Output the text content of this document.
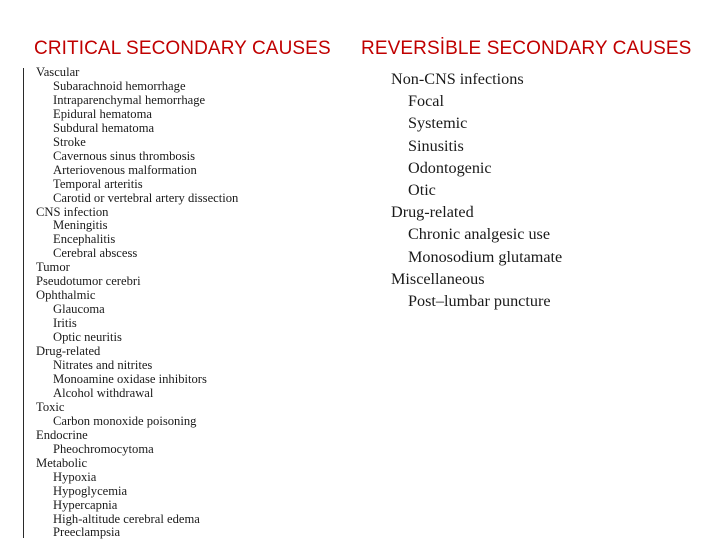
CRITICAL SECONDARY CAUSES REVERSİBLE SECONDARY CAUSES
Vascular
Subarachnoid hemorrhage
Intraparenchymal hemorrhage
Epidural hematoma
Subdural hematoma
Stroke
Cavernous sinus thrombosis
Arteriovenous malformation
Temporal arteritis
Carotid or vertebral artery dissection
CNS infection
Meningitis
Encephalitis
Cerebral abscess
Tumor
Pseudotumor cerebri
Ophthalmic
Glaucoma
Iritis
Optic neuritis
Drug-related
Nitrates and nitrites
Monoamine oxidase inhibitors
Alcohol withdrawal
Toxic
Carbon monoxide poisoning
Endocrine
Pheochromocytoma
Metabolic
Hypoxia
Hypoglycemia
Hypercapnia
High-altitude cerebral edema
Preeclampsia
Non-CNS infections
Focal
Systemic
Sinusitis
Odontogenic
Otic
Drug-related
Chronic analgesic use
Monosodium glutamate
Miscellaneous
Post–lumbar puncture
